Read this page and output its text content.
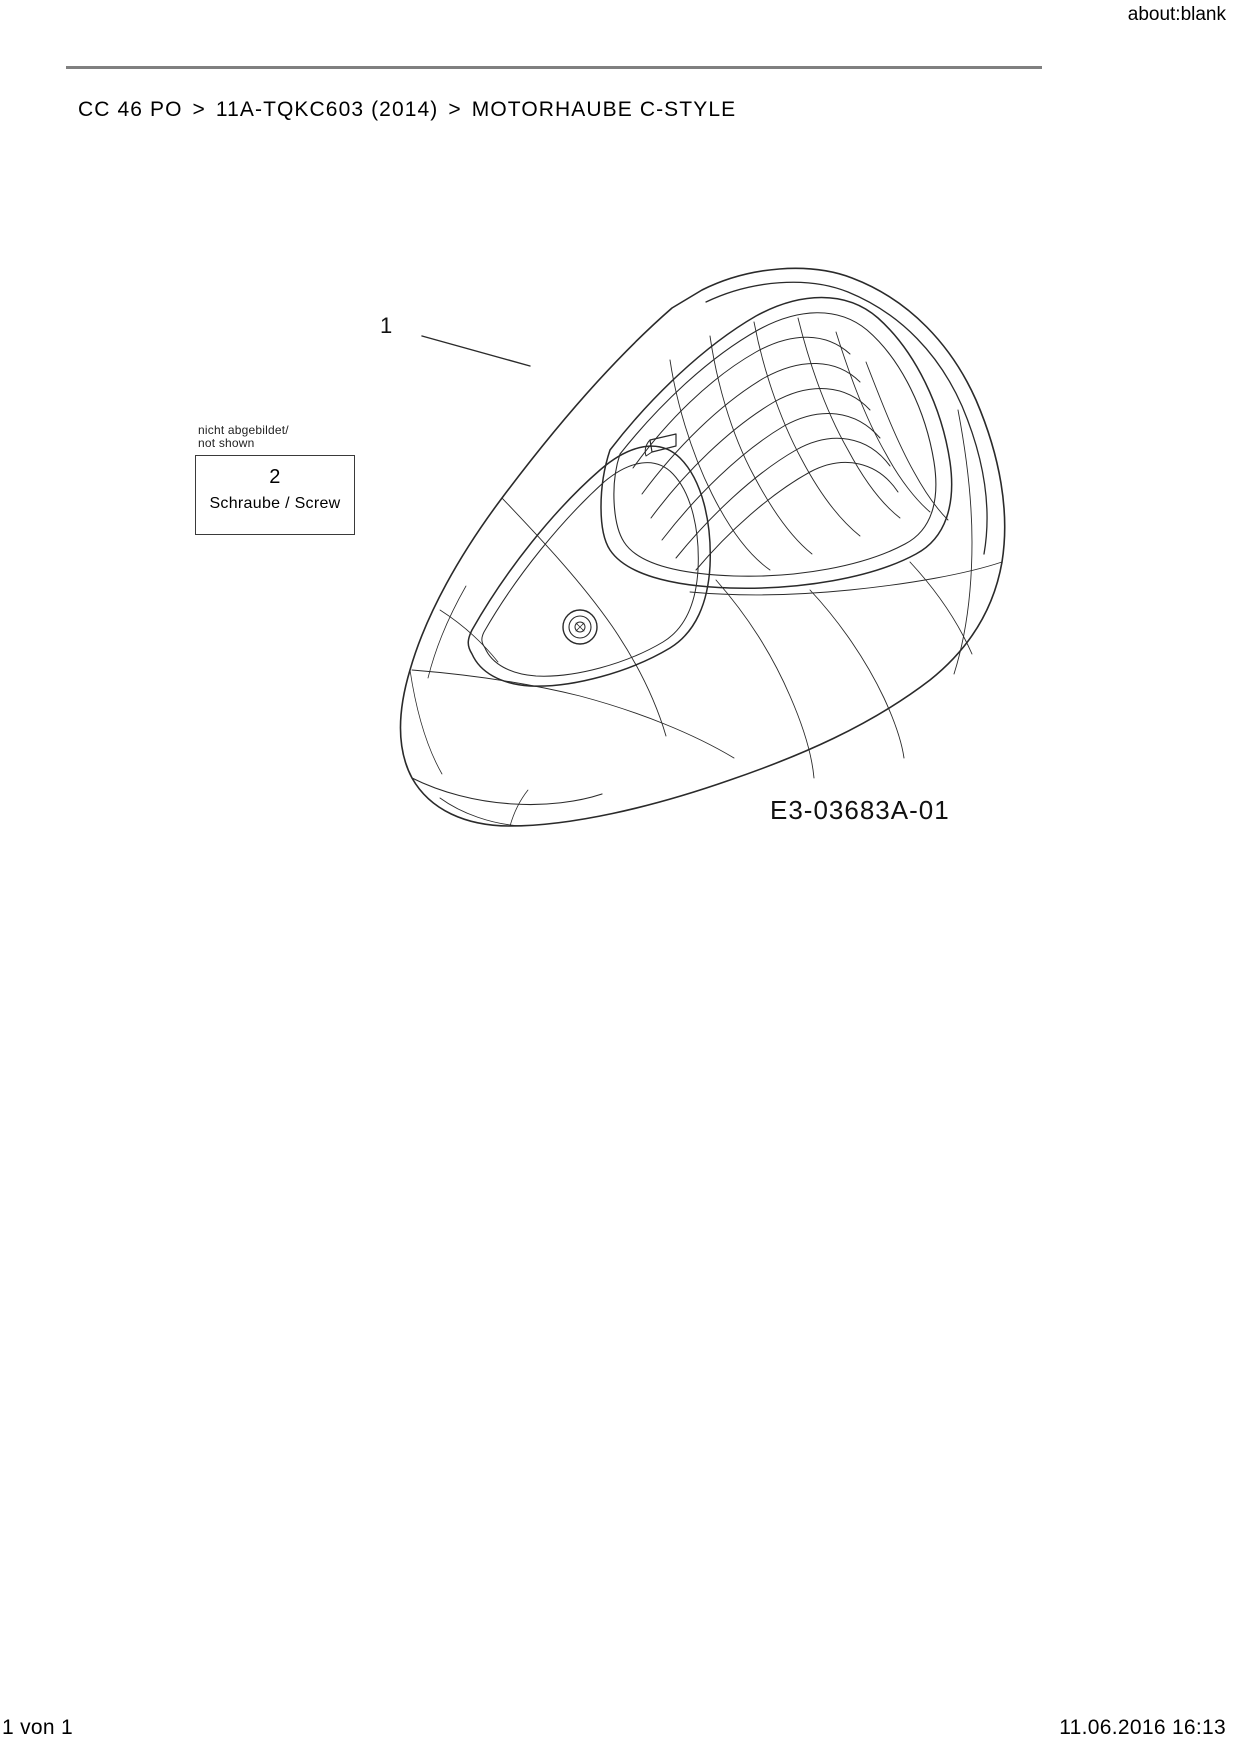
about:blank
CC 46 PO > 11A-TQKC603 (2014) > MOTORHAUBE C-STYLE
1
nicht abgebildet/
not shown
2
Schraube / Screw
E3-03683A-01
1 von 1	11.06.2016 16:13
